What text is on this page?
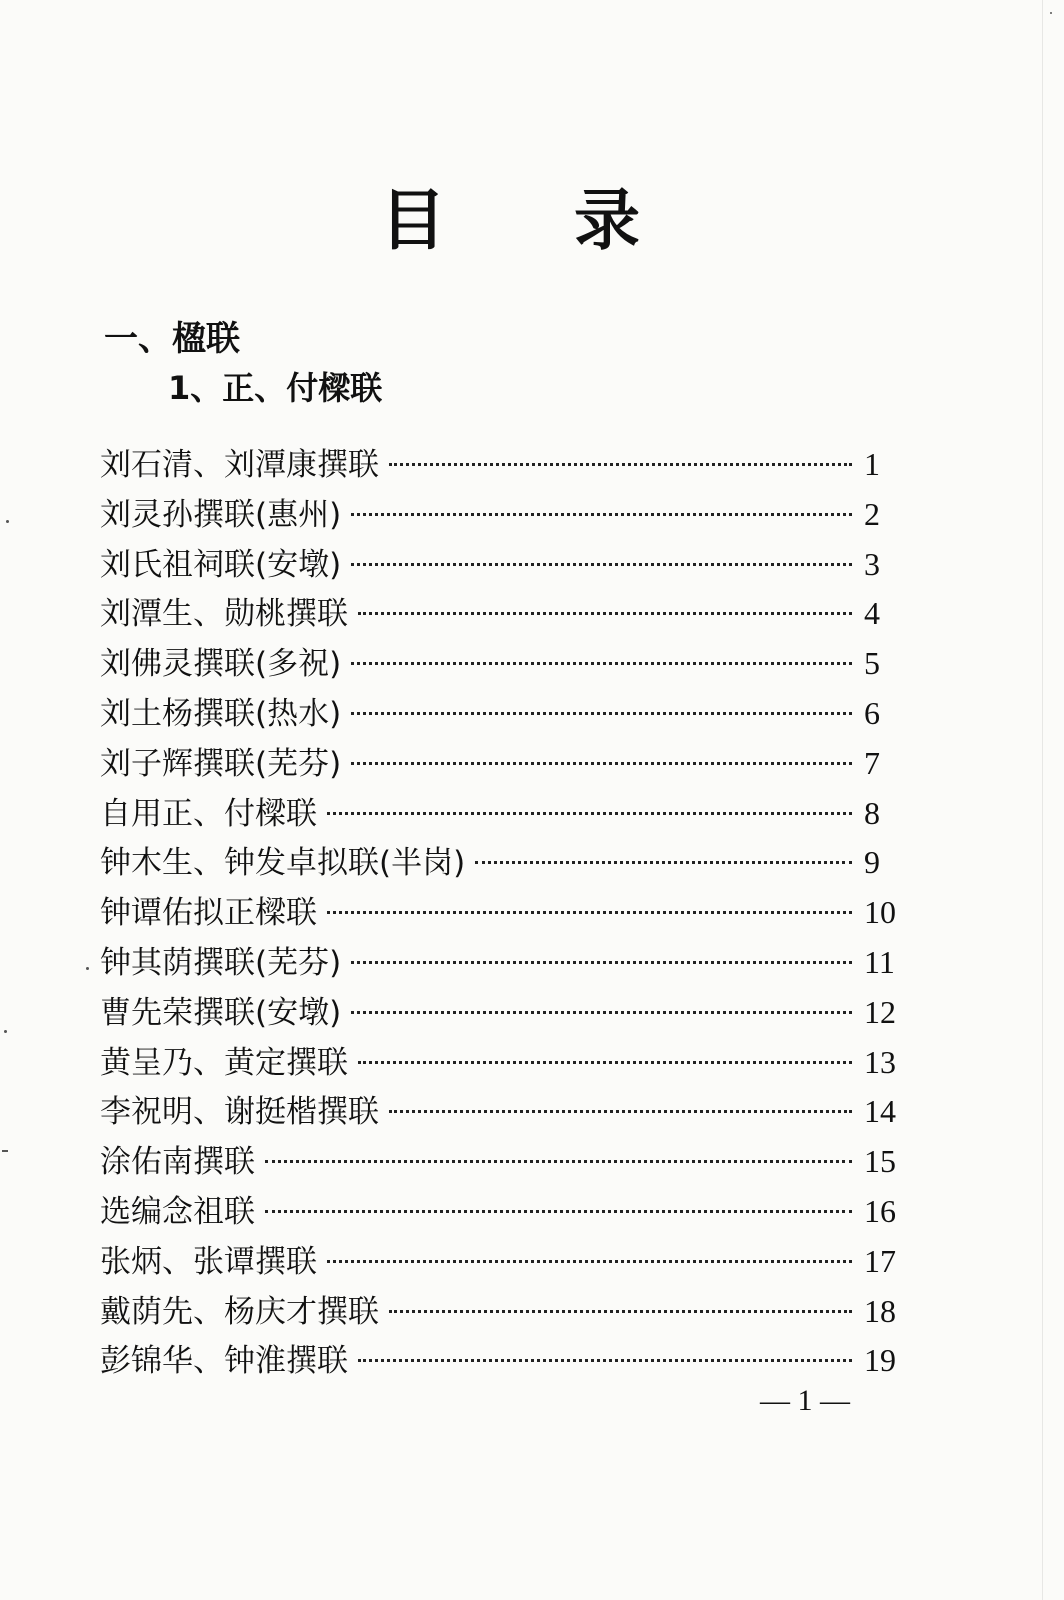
目 录
一、楹联
1、正、付樑联
刘石清、刘潭康撰联	1
刘灵孙撰联(惠州)	2
刘氏祖祠联(安墩)	3
刘潭生、勋桃撰联	4
刘佛灵撰联(多祝)	5
刘土杨撰联(热水)	6
刘子辉撰联(芜芬)	7
自用正、付樑联	8
钟木生、钟发卓拟联(半岗)	9
钟谭佑拟正樑联	10
钟其荫撰联(芜芬)	11
曹先荣撰联(安墩)	12
黄呈乃、黄定撰联	13
李祝明、谢挺楷撰联	14
涂佑南撰联	15
选编念祖联	16
张炳、张谭撰联	17
戴荫先、杨庆才撰联	18
彭锦华、钟淮撰联	19
— 1 —
